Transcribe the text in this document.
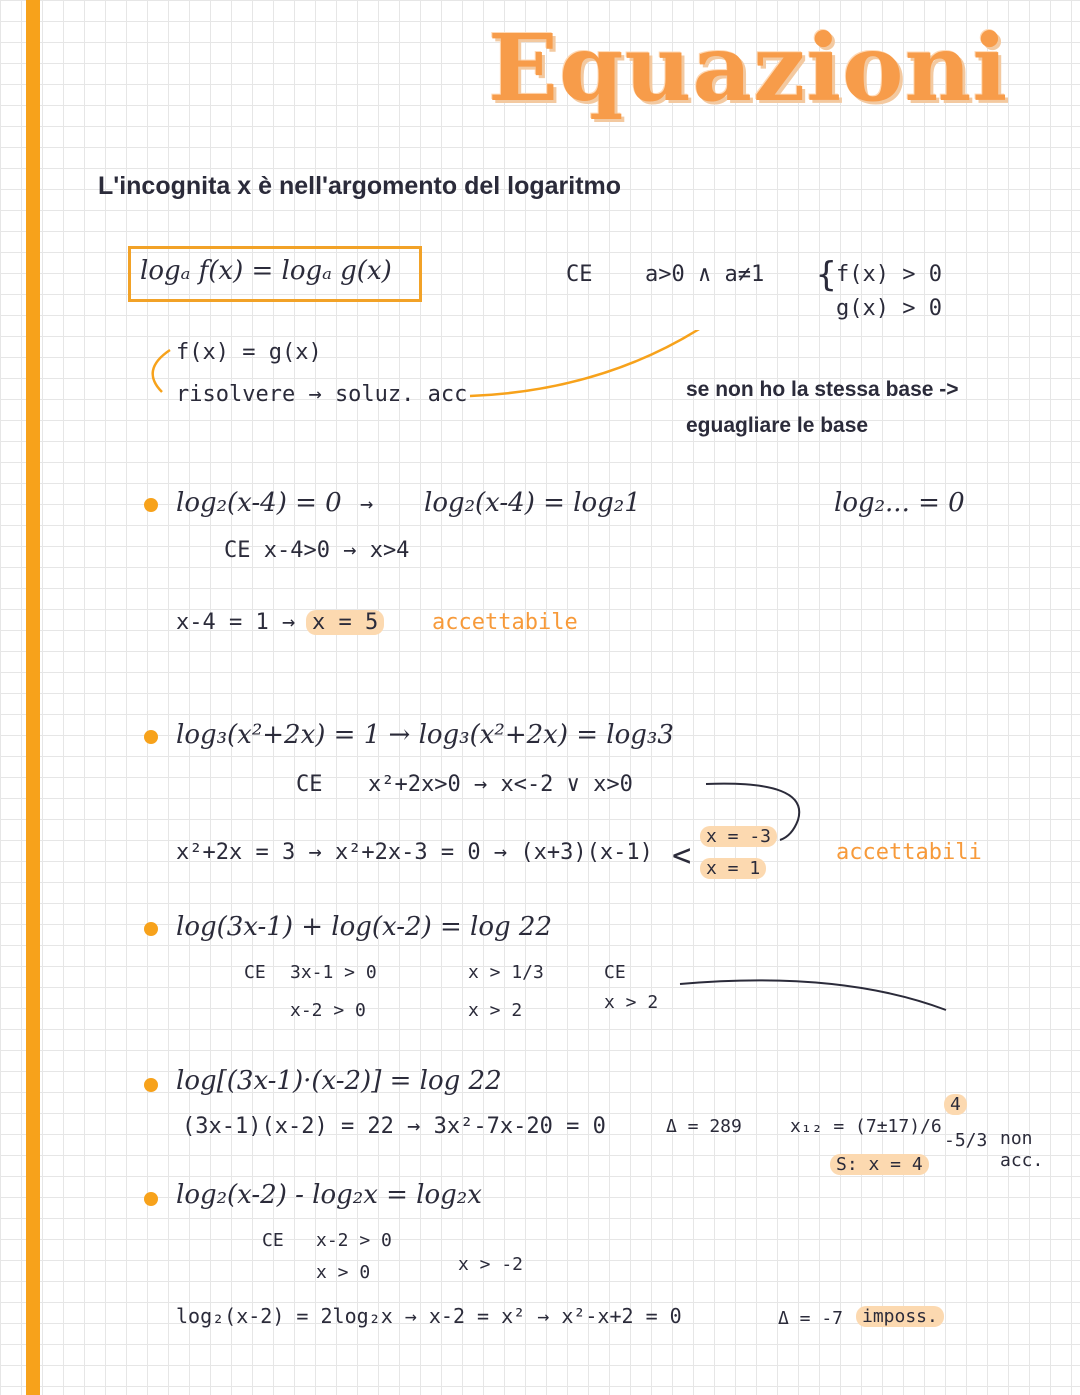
Equazioni
L'incognita x è nell'argomento del logaritmo
logₐ f(x) = logₐ g(x)	CE a>0 ∧ a≠1 { f(x) > 0
g(x) > 0
f(x) = g(x)
risolvere → soluz. acc	se non ho la stessa base ->
eguagliare le base
log₂(x-4) = 0 → log₂(x-4) = log₂1	log₂... = 0
CE x-4>0 → x>4
x-4 = 1 → x = 5 accettabile
log₃(x²+2x) = 1 → log₃(x²+2x) = log₃3
CE x²+2x>0 → x<-2 ∨ x>0
x²+2x = 3 → x²+2x-3 = 0 → (x+3)(x-1) < x = -3
x = 1
accettabili
log(3x-1) + log(x-2) = log 22
CE 3x-1 > 0
x-2 > 0
x > 1/3
x > 2
CE
x > 2
log[(3x-1)·(x-2)] = log 22
(3x-1)(x-2) = 22 → 3x²-7x-20 = 0	Δ = 289	x₁₂ = (7±17)/6
4
-5/3
S: x = 4
non
acc.
log₂(x-2) - log₂x = log₂x
CE x-2 > 0
x > 0	x > -2
log₂(x-2) = 2log₂x → x-2 = x² → x²-x+2 = 0	Δ = -7	imposs.
